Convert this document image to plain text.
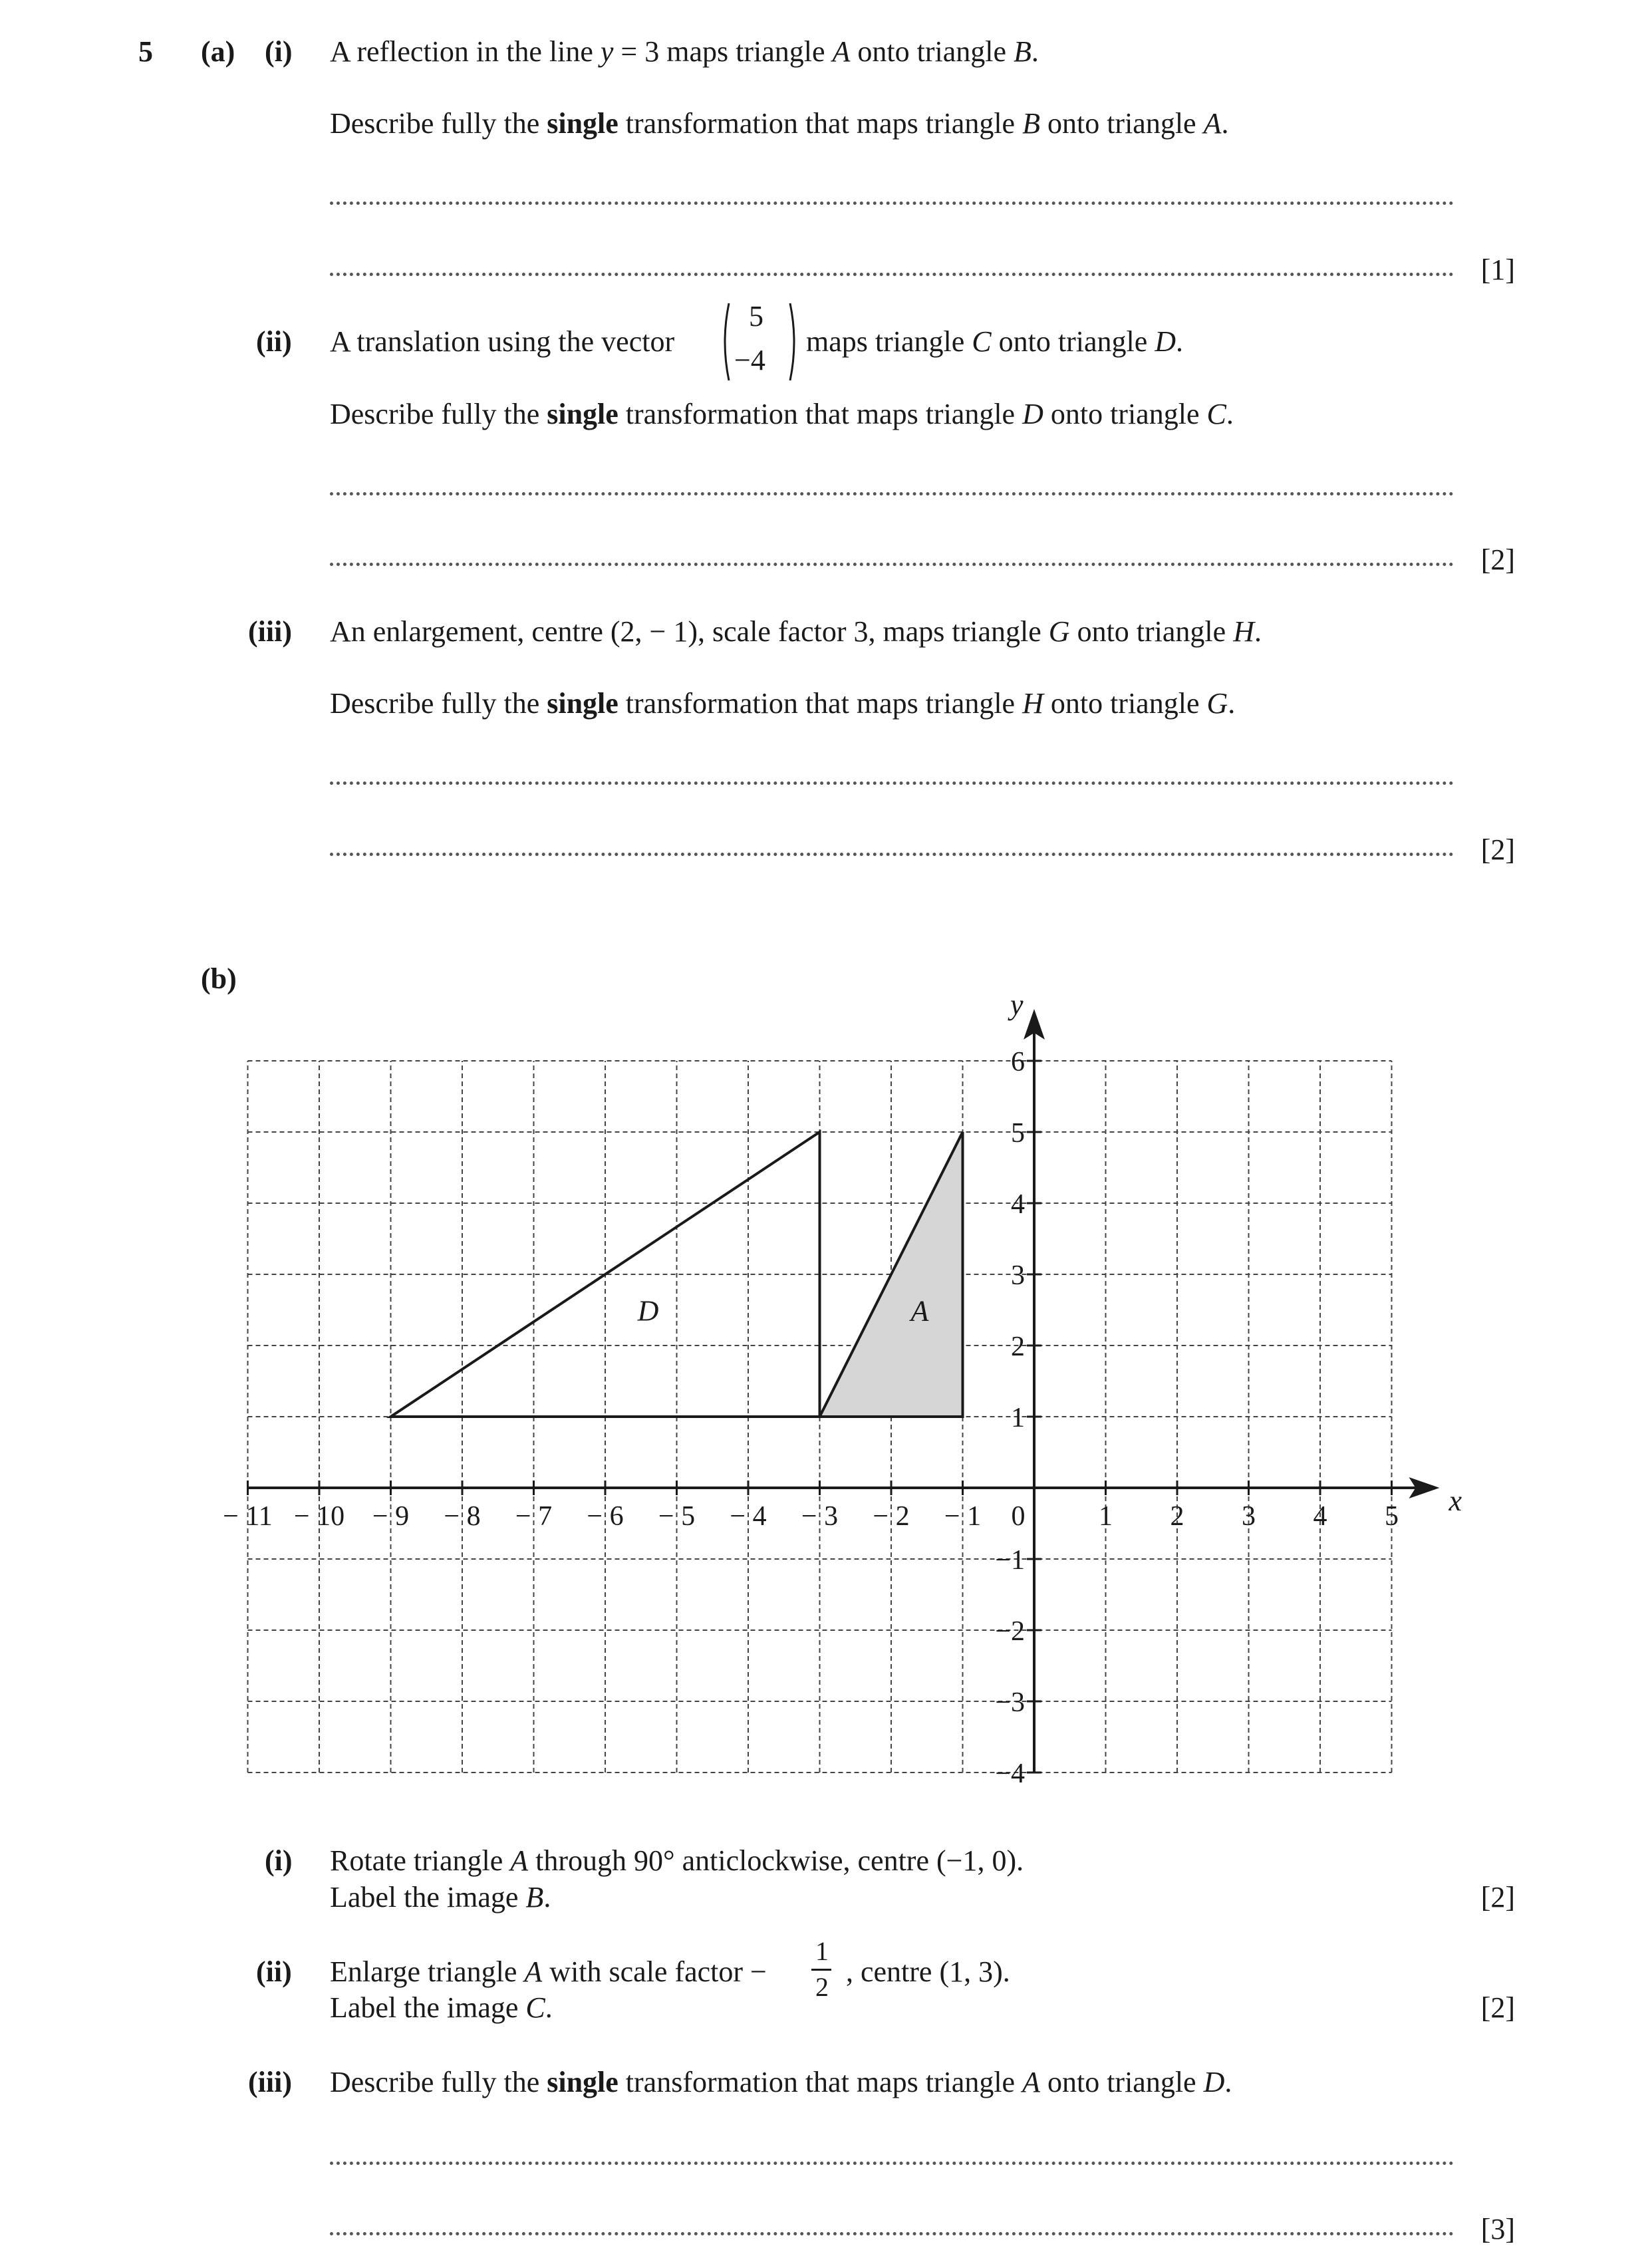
5 (a) (i) A reflection in the line y = 3 maps triangle A onto triangle B.
Describe fully the single transformation that maps triangle B onto triangle A.
[1]
(ii) A translation using the vector
5
−4
maps triangle C onto triangle D.
Describe fully the single transformation that maps triangle D onto triangle C.
[2]
(iii) An enlargement, centre (2, − 1), scale factor 3, maps triangle G onto triangle H.
Describe fully the single transformation that maps triangle H onto triangle G.
[2]
(b)
D	A
− 11 − 10 − 9 − 8 − 7 − 6 − 5 − 4 − 3 − 2 − 1 0	1 2 3 4 5
−4
−3
−2
−1
1
2
3
4
5
6
x
y
(i) Rotate triangle A through 90° anticlockwise, centre (−1, 0).
Label the image B.	[2]
(ii) Enlarge triangle A with scale factor −
1
2 , centre (1, 3).
Label the image C.	[2]
(iii) Describe fully the single transformation that maps triangle A onto triangle D.
[3]
